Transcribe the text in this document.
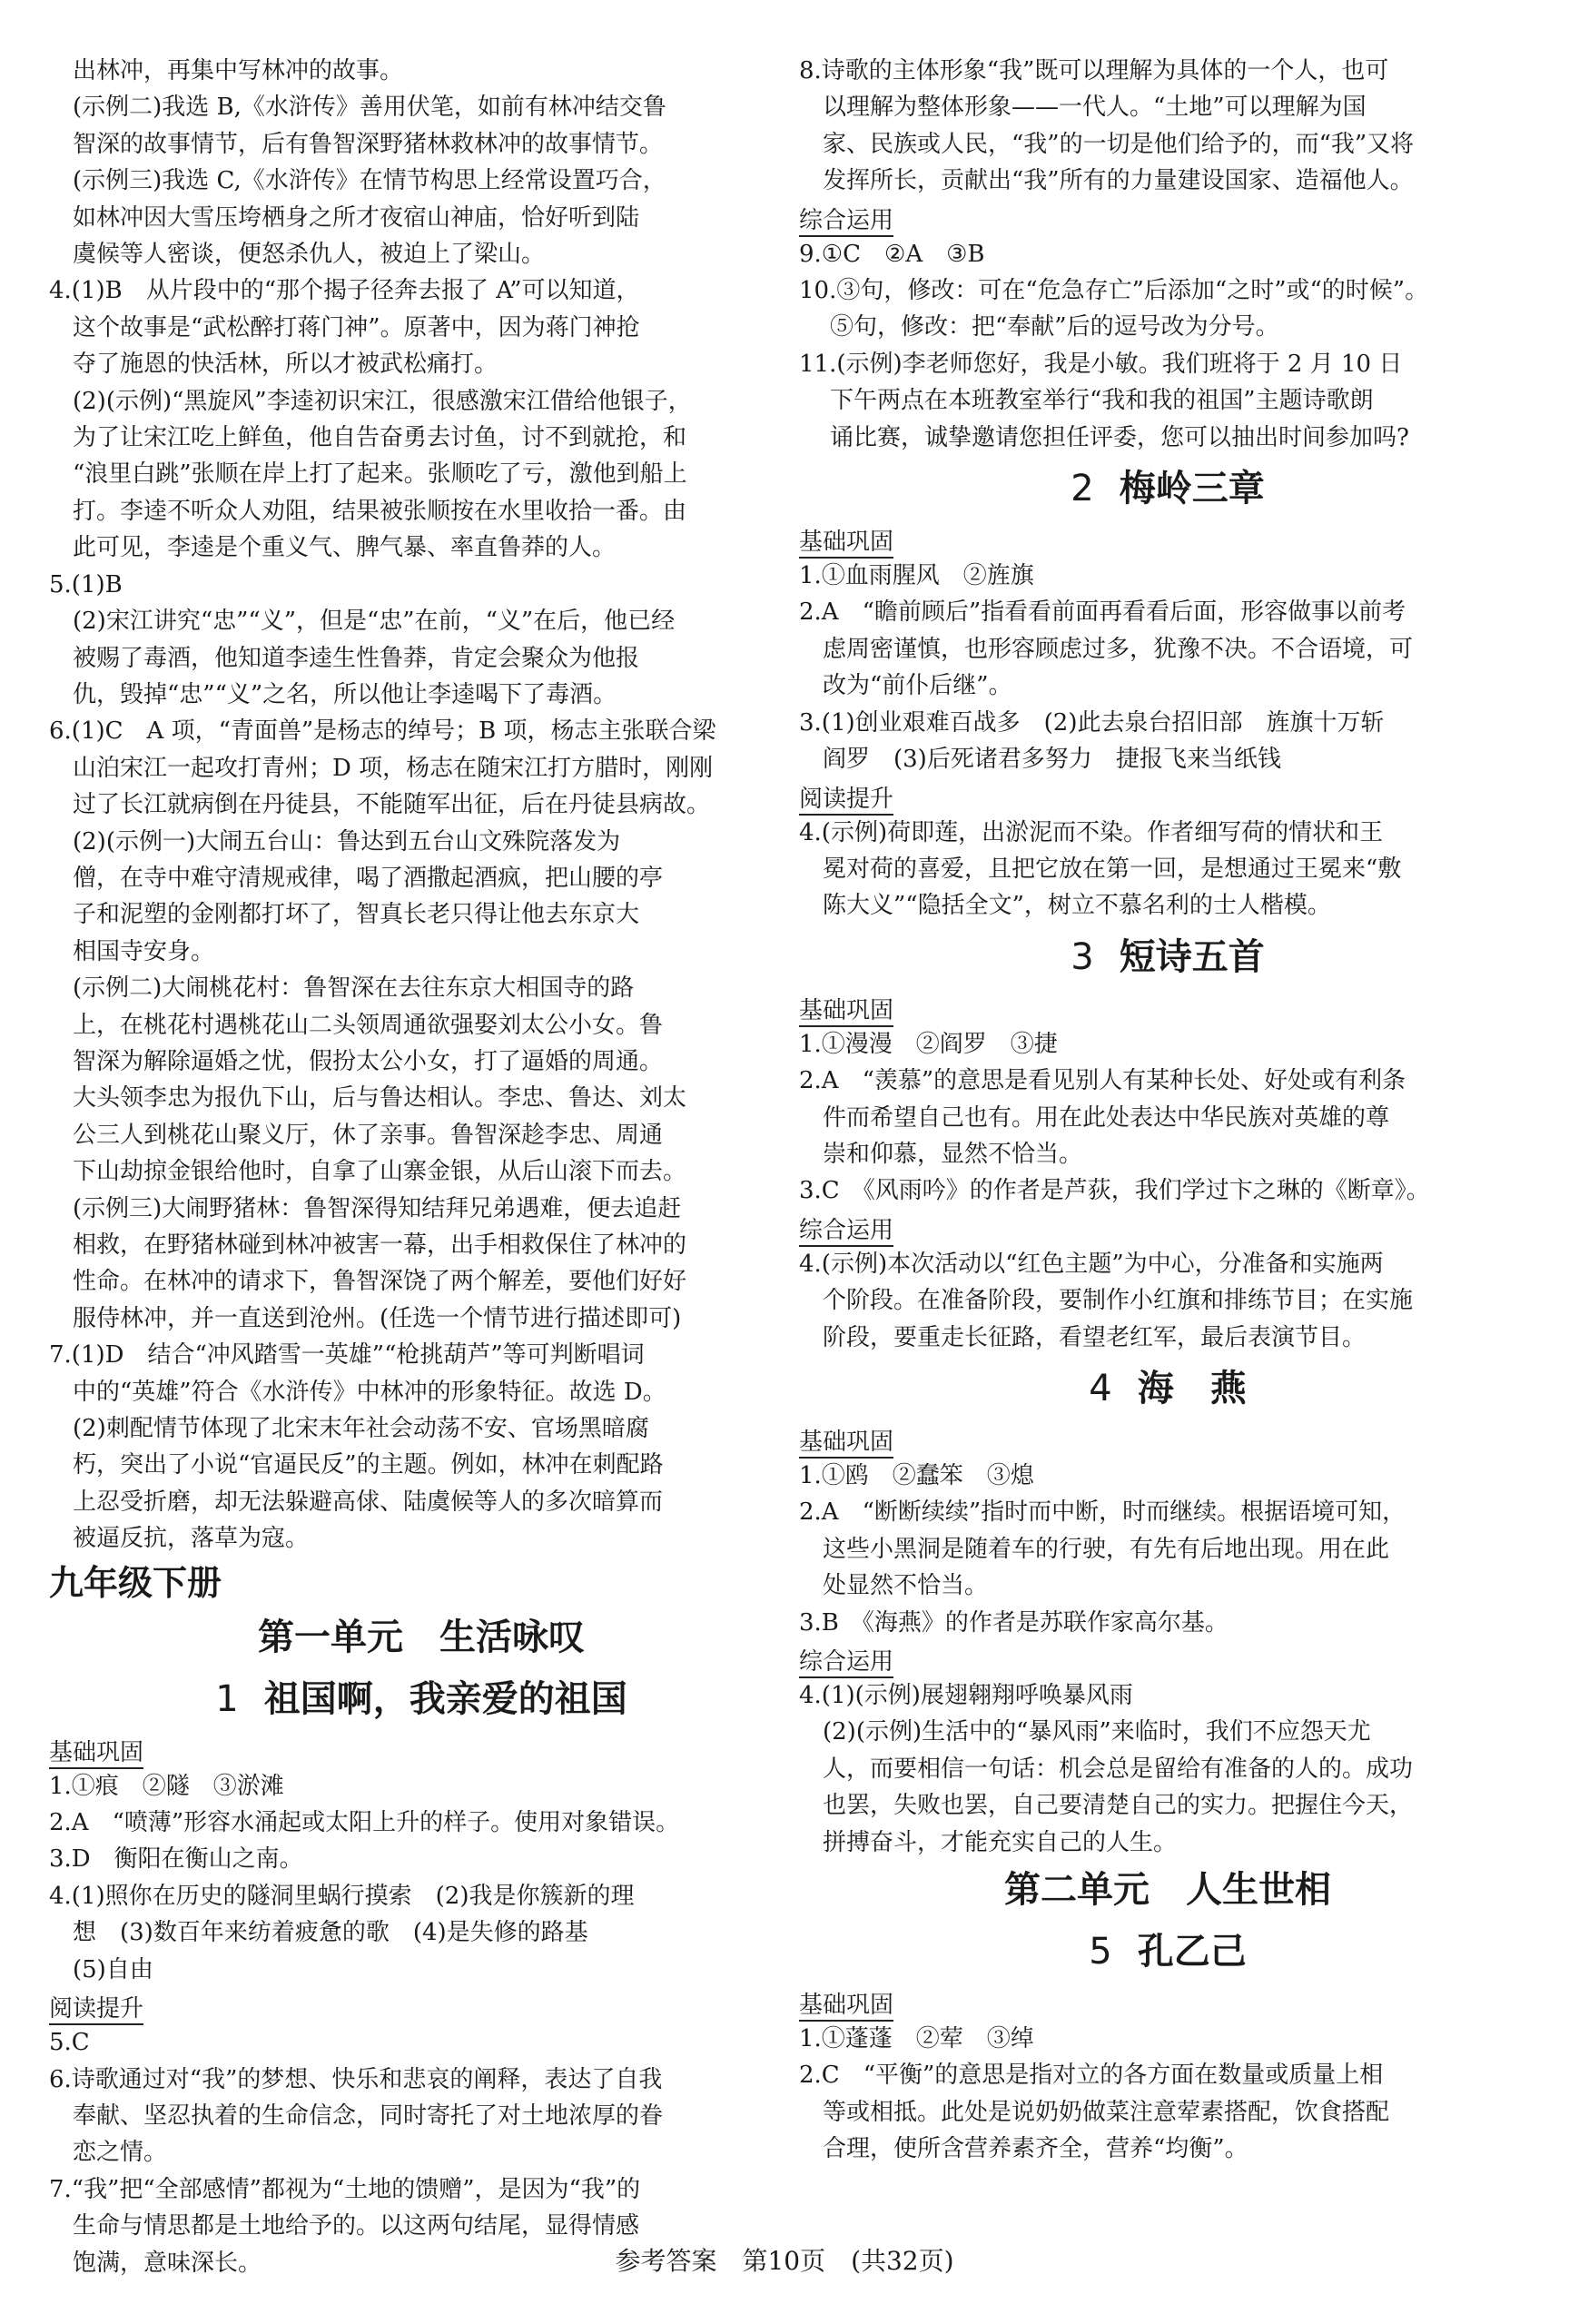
出林冲，再集中写林冲的故事。
(示例二)我选 B,《水浒传》善用伏笔，如前有林冲结交鲁
智深的故事情节，后有鲁智深野猪林救林冲的故事情节。
(示例三)我选 C,《水浒传》在情节构思上经常设置巧合，
如林冲因大雪压垮栖身之所才夜宿山神庙，恰好听到陆
虞候等人密谈，便怒杀仇人，被迫上了梁山。
4.(1)B　从片段中的“那个揭子径奔去报了 A”可以知道，
这个故事是“武松醉打蒋门神”。原著中，因为蒋门神抢
夺了施恩的快活林，所以才被武松痛打。
(2)(示例)“黑旋风”李逵初识宋江，很感激宋江借给他银子，
为了让宋江吃上鲜鱼，他自告奋勇去讨鱼，讨不到就抢，和
“浪里白跳”张顺在岸上打了起来。张顺吃了亏，激他到船上
打。李逵不听众人劝阻，结果被张顺按在水里收拾一番。由
此可见，李逵是个重义气、脾气暴、率直鲁莽的人。
5.(1)B
(2)宋江讲究“忠”“义”，但是“忠”在前，“义”在后，他已经
被赐了毒酒，他知道李逵生性鲁莽，肯定会聚众为他报
仇，毁掉“忠”“义”之名，所以他让李逵喝下了毒酒。
6.(1)C　A 项，“青面兽”是杨志的绰号；B 项，杨志主张联合梁
山泊宋江一起攻打青州；D 项，杨志在随宋江打方腊时，刚刚
过了长江就病倒在丹徒县，不能随军出征，后在丹徒县病故。
(2)(示例一)大闹五台山：鲁达到五台山文殊院落发为
僧，在寺中难守清规戒律，喝了酒撒起酒疯，把山腰的亭
子和泥塑的金刚都打坏了，智真长老只得让他去东京大
相国寺安身。
(示例二)大闹桃花村：鲁智深在去往东京大相国寺的路
上，在桃花村遇桃花山二头领周通欲强娶刘太公小女。鲁
智深为解除逼婚之忧，假扮太公小女，打了逼婚的周通。
大头领李忠为报仇下山，后与鲁达相认。李忠、鲁达、刘太
公三人到桃花山聚义厅，休了亲事。鲁智深趁李忠、周通
下山劫掠金银给他时，自拿了山寨金银，从后山滚下而去。
(示例三)大闹野猪林：鲁智深得知结拜兄弟遇难，便去追赶
相救，在野猪林碰到林冲被害一幕，出手相救保住了林冲的
性命。在林冲的请求下，鲁智深饶了两个解差，要他们好好
服侍林冲，并一直送到沧州。(任选一个情节进行描述即可)
7.(1)D　结合“冲风踏雪一英雄”“枪挑葫芦”等可判断唱词
中的“英雄”符合《水浒传》中林冲的形象特征。故选 D。
(2)刺配情节体现了北宋末年社会动荡不安、官场黑暗腐
朽，突出了小说“官逼民反”的主题。例如，林冲在刺配路
上忍受折磨，却无法躲避高俅、陆虞候等人的多次暗算而
被逼反抗，落草为寇。
九年级下册
第一单元　生活咏叹
1 祖国啊，我亲爱的祖国
基础巩固
1.①痕　②隧　③淤滩
2.A　“喷薄”形容水涌起或太阳上升的样子。使用对象错误。
3.D　衡阳在衡山之南。
4.(1)照你在历史的隧洞里蜗行摸索　(2)我是你簇新的理
想　(3)数百年来纺着疲惫的歌　(4)是失修的路基
(5)自由
阅读提升
5.C
6.诗歌通过对“我”的梦想、快乐和悲哀的阐释，表达了自我
奉献、坚忍执着的生命信念，同时寄托了对土地浓厚的眷
恋之情。
7.“我”把“全部感情”都视为“土地的馈赠”，是因为“我”的
生命与情思都是土地给予的。以这两句结尾，显得情感
饱满，意味深长。
8.诗歌的主体形象“我”既可以理解为具体的一个人，也可
以理解为整体形象——一代人。“土地”可以理解为国
家、民族或人民，“我”的一切是他们给予的，而“我”又将
发挥所长，贡献出“我”所有的力量建设国家、造福他人。
综合运用
9.①C　②A　③B
10.③句，修改：可在“危急存亡”后添加“之时”或“的时候”。
⑤句，修改：把“奉献”后的逗号改为分号。
11.(示例)李老师您好，我是小敏。我们班将于 2 月 10 日
下午两点在本班教室举行“我和我的祖国”主题诗歌朗
诵比赛，诚挚邀请您担任评委，您可以抽出时间参加吗?
2 梅岭三章
基础巩固
1.①血雨腥风　②旌旗
2.A　“瞻前顾后”指看看前面再看看后面，形容做事以前考
虑周密谨慎，也形容顾虑过多，犹豫不决。不合语境，可
改为“前仆后继”。
3.(1)创业艰难百战多　(2)此去泉台招旧部　旌旗十万斩
阎罗　(3)后死诸君多努力　捷报飞来当纸钱
阅读提升
4.(示例)荷即莲，出淤泥而不染。作者细写荷的情状和王
冕对荷的喜爱，且把它放在第一回，是想通过王冕来“敷
陈大义”“隐括全文”，树立不慕名利的士人楷模。
3 短诗五首
基础巩固
1.①漫漫　②阎罗　③捷
2.A　“羡慕”的意思是看见别人有某种长处、好处或有利条
件而希望自己也有。用在此处表达中华民族对英雄的尊
崇和仰慕，显然不恰当。
3.C　《风雨吟》的作者是芦荻，我们学过卞之琳的《断章》。
综合运用
4.(示例)本次活动以“红色主题”为中心，分准备和实施两
个阶段。在准备阶段，要制作小红旗和排练节目；在实施
阶段，要重走长征路，看望老红军，最后表演节目。
4 海　燕
基础巩固
1.①鸥　②蠢笨　③熄
2.A　“断断续续”指时而中断，时而继续。根据语境可知，
这些小黑洞是随着车的行驶，有先有后地出现。用在此
处显然不恰当。
3.B　《海燕》的作者是苏联作家高尔基。
综合运用
4.(1)(示例)展翅翱翔呼唤暴风雨
(2)(示例)生活中的“暴风雨”来临时，我们不应怨天尤
人，而要相信一句话：机会总是留给有准备的人的。成功
也罢，失败也罢，自己要清楚自己的实力。把握住今天，
拼搏奋斗，才能充实自己的人生。
第二单元　人生世相
5 孔乙己
基础巩固
1.①蓬蓬　②荤　③绰
2.C　“平衡”的意思是指对立的各方面在数量或质量上相
等或相抵。此处是说奶奶做菜注意荤素搭配，饮食搭配
合理，使所含营养素齐全，营养“均衡”。
参考答案　第10页　(共32页)
